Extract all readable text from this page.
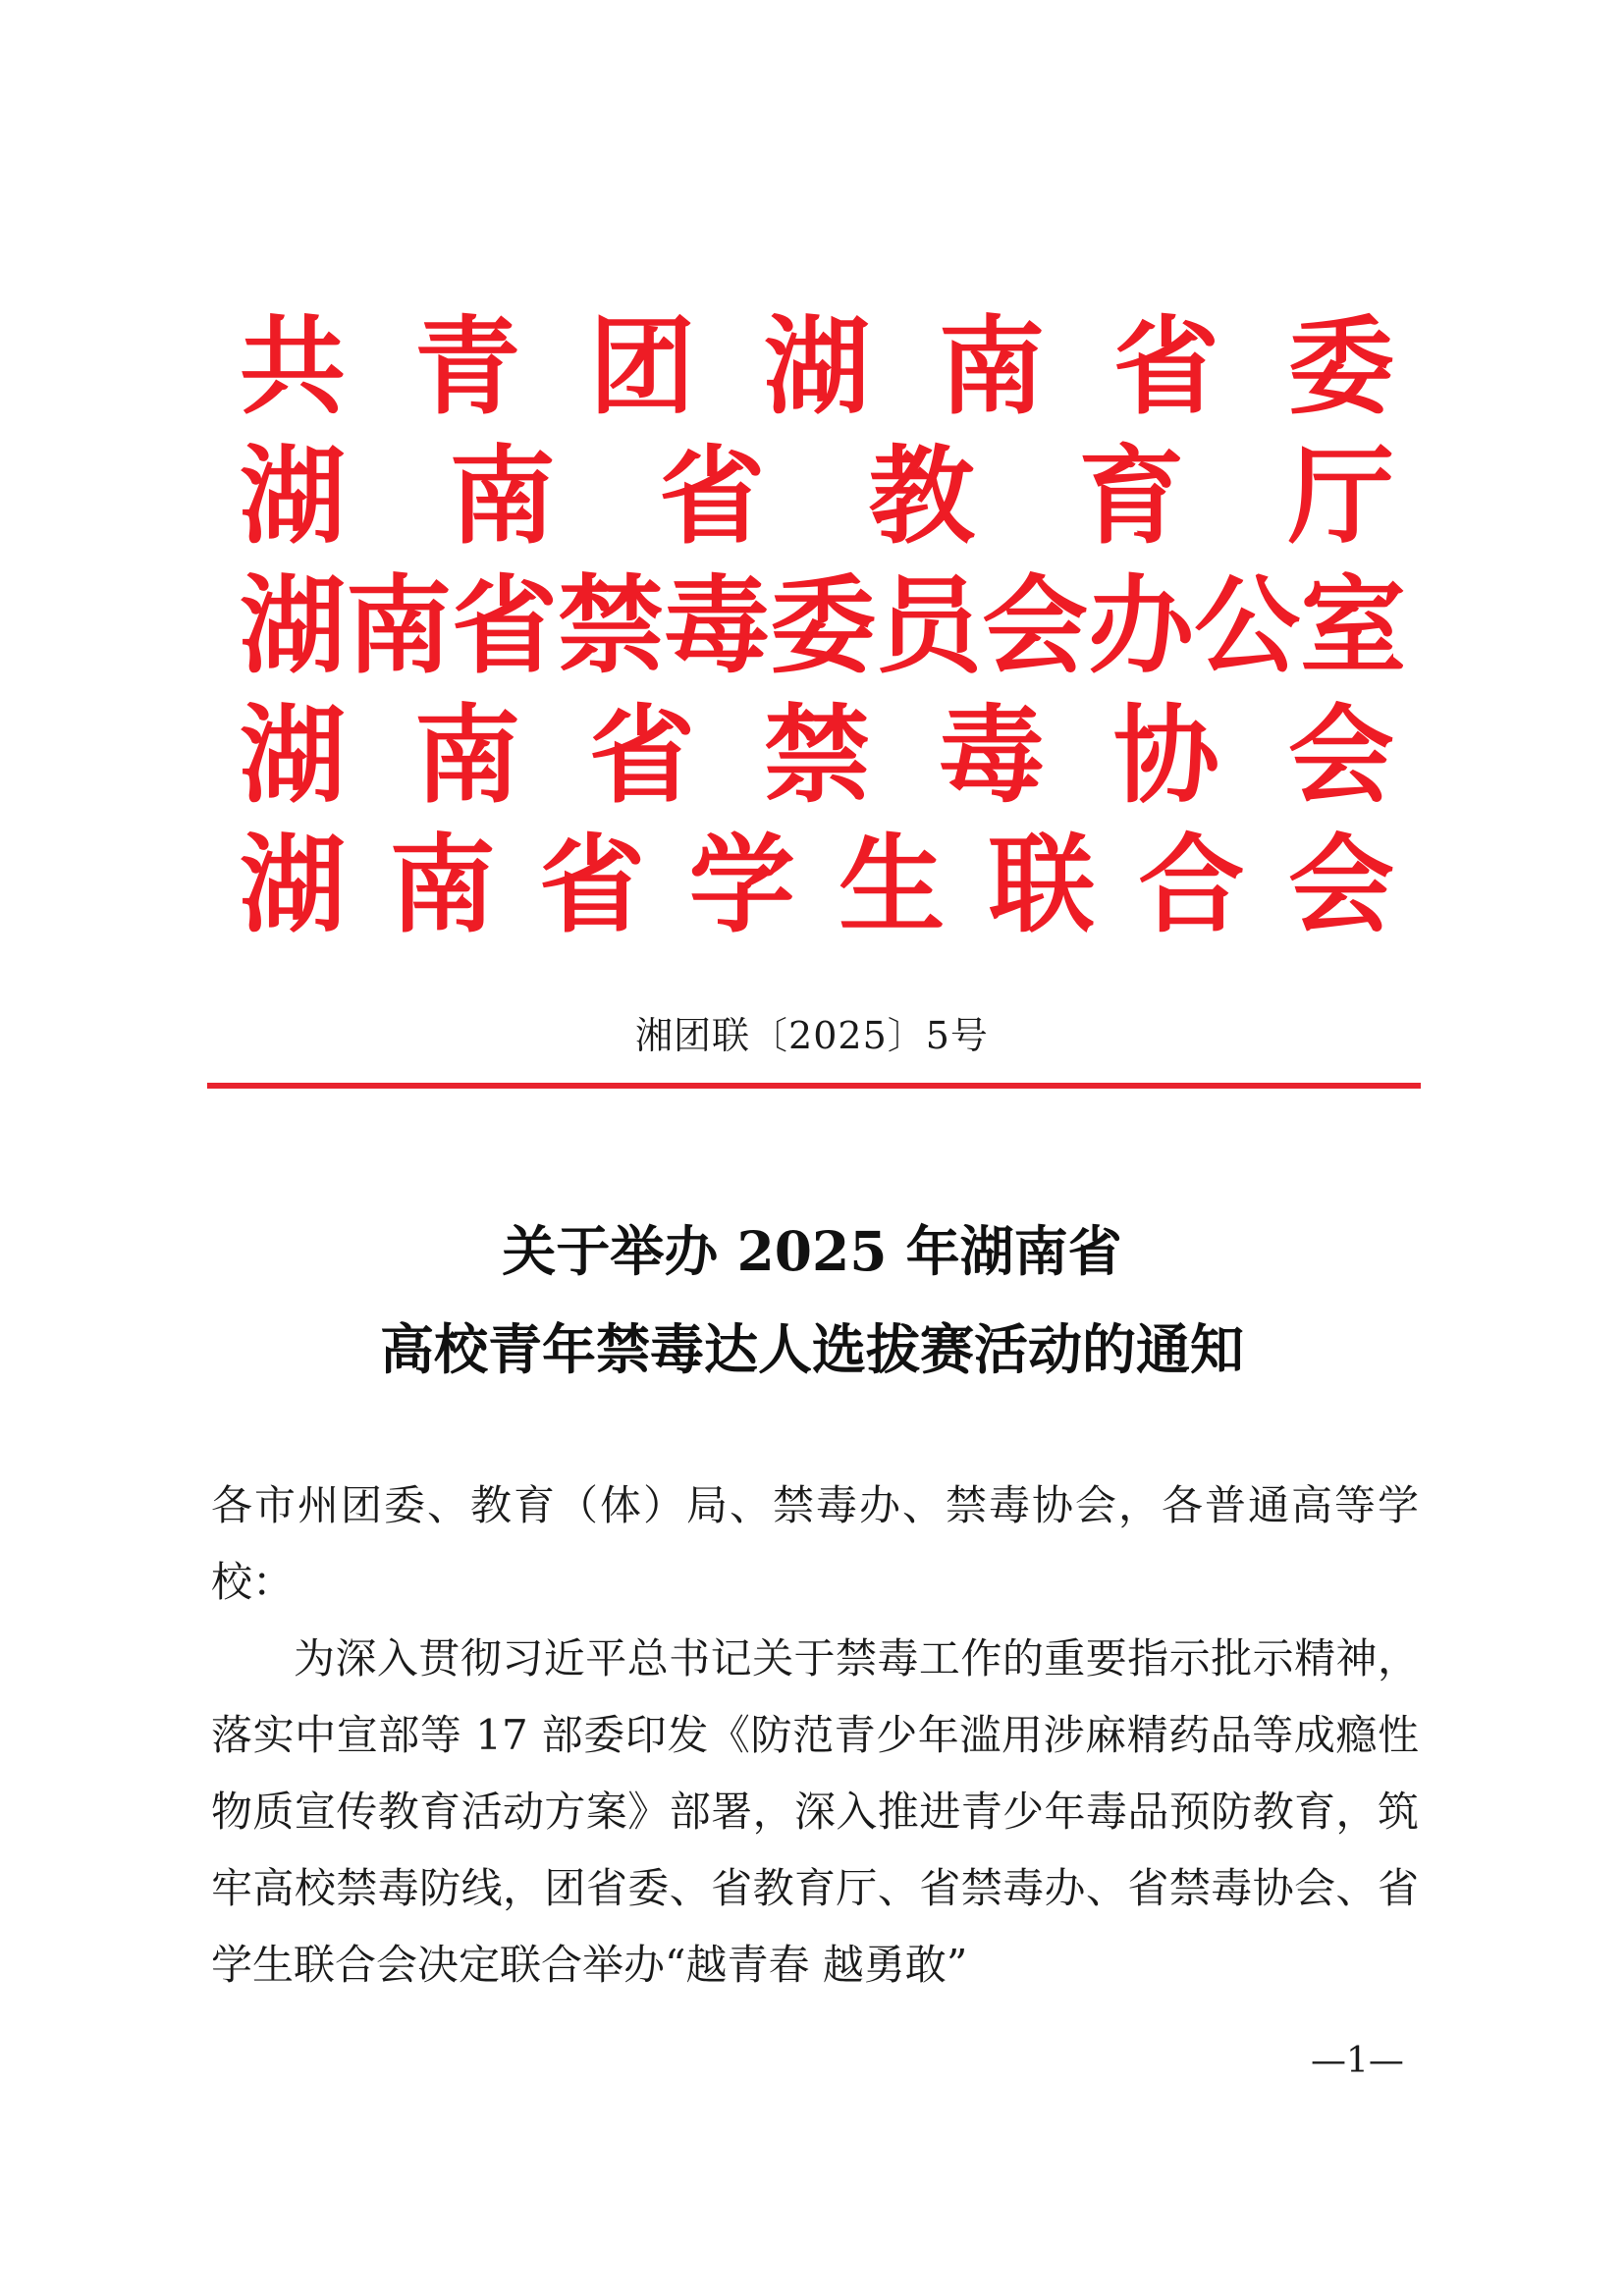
共 青 团 湖 南 省 委
湖 南 省 教 育 厅
湖 南 省 禁 毒 委 员 会 办 公 室
湖 南 省 禁 毒 协 会
湖 南 省 学 生 联 合 会
湘团联〔2025〕5号
关于举办 2025 年湖南省
高校青年禁毒达人选拔赛活动的通知

各市州团委、教育（体）局、禁毒办、禁毒协会，各普通高等学校：

为深入贯彻习近平总书记关于禁毒工作的重要指示批示精神，落实中宣部等 17 部委印发《防范青少年滥用涉麻精药品等成瘾性物质宣传教育活动方案》部署，深入推进青少年毒品预防教育，筑牢高校禁毒防线，团省委、省教育厅、省禁毒办、省禁毒协会、省学生联合会决定联合举办“越青春 越勇敢”

—1—
